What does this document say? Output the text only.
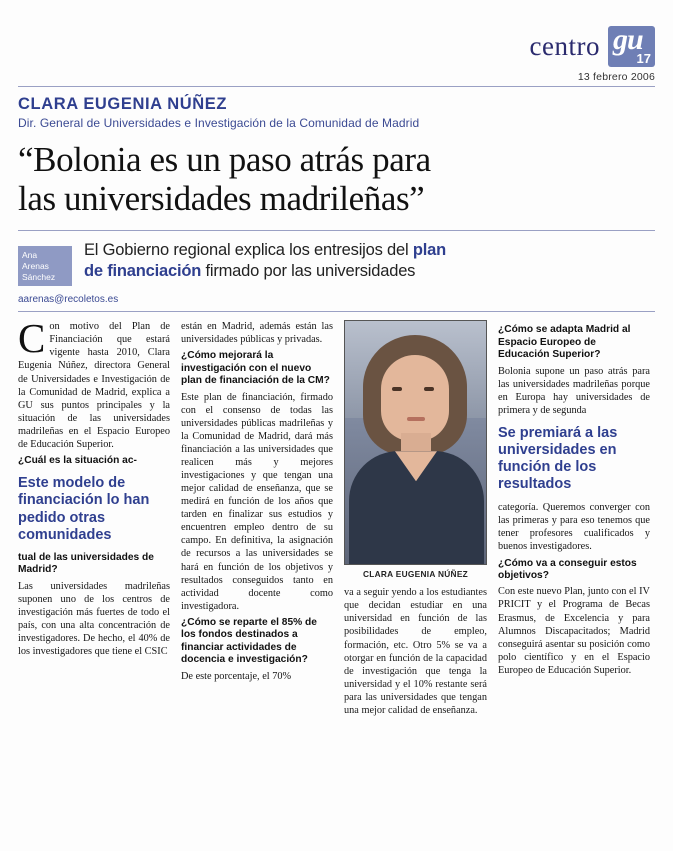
centro gu
17
13 febrero 2006
CLARA EUGENIA NÚÑEZ
Dir. General de Universidades e Investigación de la Comunidad de Madrid
“Bolonia es un paso atrás para
las universidades madrileñas”
Ana
Arenas
Sánchez
El Gobierno regional explica los entresijos del plan
de financiación firmado por las universidades
aarenas@recoletos.es

Con motivo del Plan de Financiación que estará vigente hasta 2010, Clara Eugenia Núñez, directora General de Universidades e Investigación de la Comunidad de Madrid, explica a GU sus puntos principales y la situación de las universidades madrileñas en el Espacio Europeo de Educación Superior.

¿Cuál es la situación ac-
Este modelo de financiación lo han pedido otras comunidades
tual de las universidades de Madrid?

Las universidades madrileñas suponen uno de los centros de investigación más fuertes de todo el país, con una alta concentración de investigadores. De hecho, el 40% de los investigadores que tiene el CSIC

están en Madrid, además están las universidades públicas y privadas.

¿Cómo mejorará la investigación con el nuevo plan de financiación de la CM?

Este plan de financiación, firmado con el consenso de todas las universidades públicas madrileñas y la Comunidad de Madrid, dará más financiación a las universidades que realicen más y mejores investigaciones y que tengan una mejor calidad de enseñanza, que se medirá en función de los años que tarden en finalizar sus estudios y encuentren empleo dentro de su campo. En definitiva, la asignación de recursos a las universidades se hará en función de los objetivos y resultados conseguidos tanto en actividad docente como investigadora.

¿Cómo se reparte el 85% de los fondos destinados a financiar actividades de docencia e investigación?

De este porcentaje, el 70%

CLARA EUGENIA NÚÑEZ

va a seguir yendo a los estudiantes que decidan estudiar en una universidad en función de las posibilidades de empleo, formación, etc. Otro 5% se va a otorgar en función de la capacidad de investigación que tenga la universidad y el 10% restante será para las universidades que tengan una mejor calidad de enseñanza.

¿Cómo se adapta Madrid al Espacio Europeo de Educación Superior?

Bolonia supone un paso atrás para las universidades madrileñas porque en Europa hay universidades de primera y de segunda

Se premiará a las universidades en función de los resultados

categoría. Queremos converger con las primeras y para eso tenemos que tener profesores cualificados y buenos investigadores.

¿Cómo va a conseguir estos objetivos?

Con este nuevo Plan, junto con el IV PRICIT y el Programa de Becas Erasmus, de Excelencia y para Alumnos Discapacitados; Madrid conseguirá asentar su posición como polo científico y en el Espacio Europeo de Educación Superior.
